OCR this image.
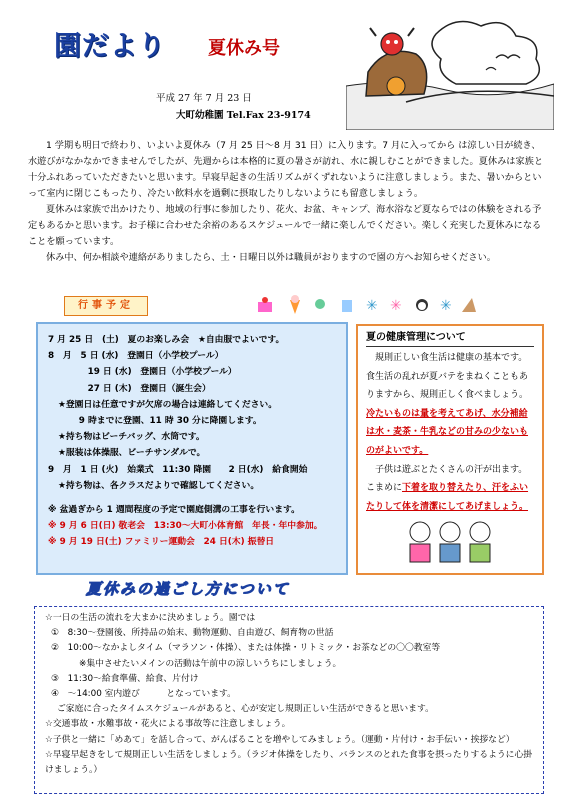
園だより 夏休み号
平成 27 年 7 月 23 日
大町幼稚園 Tel.Fax 23-9174

1 学期も明日で終わり、いよいよ夏休み（7 月 25 日〜8 月 31 日）に入ります。7 月に入ってから は涼しい日が続き、水遊びがなかなかできませんでしたが、先週からは本格的に夏の暑さが訪れ、水に親しむことができました。夏休みは家族と十分ふれあっていただきたいと思います。早寝早起きの生活リズムがくずれないように注意しましょう。また、暑いからといって室内に閉じこもったり、冷たい飲料水を過剰に摂取したりしないようにも留意しましょう。

夏休みは家族で出かけたり、地域の行事に参加したり、花火、お盆、キャンプ、海水浴など夏ならではの体験をされる予定もあるかと思います。お子様に合わせた余裕のあるスケジュールで一緒に楽しんでください。楽しく充実した夏休みになることを願っています。

休み中、何か相談や連絡がありましたら、土・日曜日以外は職員がおりますので園の方へお知らせください。

行事予定	✳ ✳	✳
7 月 25 日　(土)　夏のお楽しみ会　★自由服でよいです。
8　月　5 日 (水)　登園日（小学校プール）
　　19 日 (水)　登園日（小学校プール）
　　27 日 (木)　登園日（誕生会）
★登園日は任意ですが欠席の場合は連絡してください。
　9 時までに登園、11 時 30 分に降園します。
★持ち物はビーチバッグ、水筒です。
★服装は体操服、ビーチサンダルで。
9　月　1 日 (火)　始業式　11:30 降園　　2 日(水)　給食開始
★持ち物は、各クラスだよりで確認してください。
※ 盆過ぎから 1 週間程度の予定で園庭側溝の工事を行います。
※ 9 月 6 日(日) 敬老会　13:30〜大町小体育館　年長・年中参加。
※ 9 月 19 日(土) ファミリー運動会　24 日(木) 振替日
夏の健康管理について
規則正しい食生活は健康の基本です。食生活の乱れが夏バテをまねくこともありますから、規則正しく食べましょう。冷たいものは量を考えてあげ、水分補給は水・麦茶・牛乳などの甘みの少ないものがよいです。
子供は遊ぶとたくさんの汗が出ます。こまめに下着を取り替えたり、汗をふいたりして体を清潔にしてあげましょう。
夏休みの過ごし方について
☆一日の生活の流れを大まかに決めましょう。園では
①　8:30〜登園後、所持品の始末、動物運動、自由遊び、飼育物の世話
②　10:00〜なかよしタイム（マラソン・体操）、または体操・リトミック・お茶などの〇〇教室等
※集中させたいメインの活動は午前中の涼しいうちにしましょう。
③　11:30〜給食準備、給食、片付け
④　〜14:00 室内遊び　　　となっています。
ご家庭に合ったタイムスケジュールがあると、心が安定し規則正しい生活ができると思います。
☆交通事故・水難事故・花火による事故等に注意しましょう。
☆子供と一緒に「めあて」を話し合って、がんばることを増やしてみましょう。（運動・片付け・お手伝い・挨拶など）
☆早寝早起きをして規則正しい生活をしましょう。（ラジオ体操をしたり、バランスのとれた食事を摂ったりするように心掛けましょう。）
